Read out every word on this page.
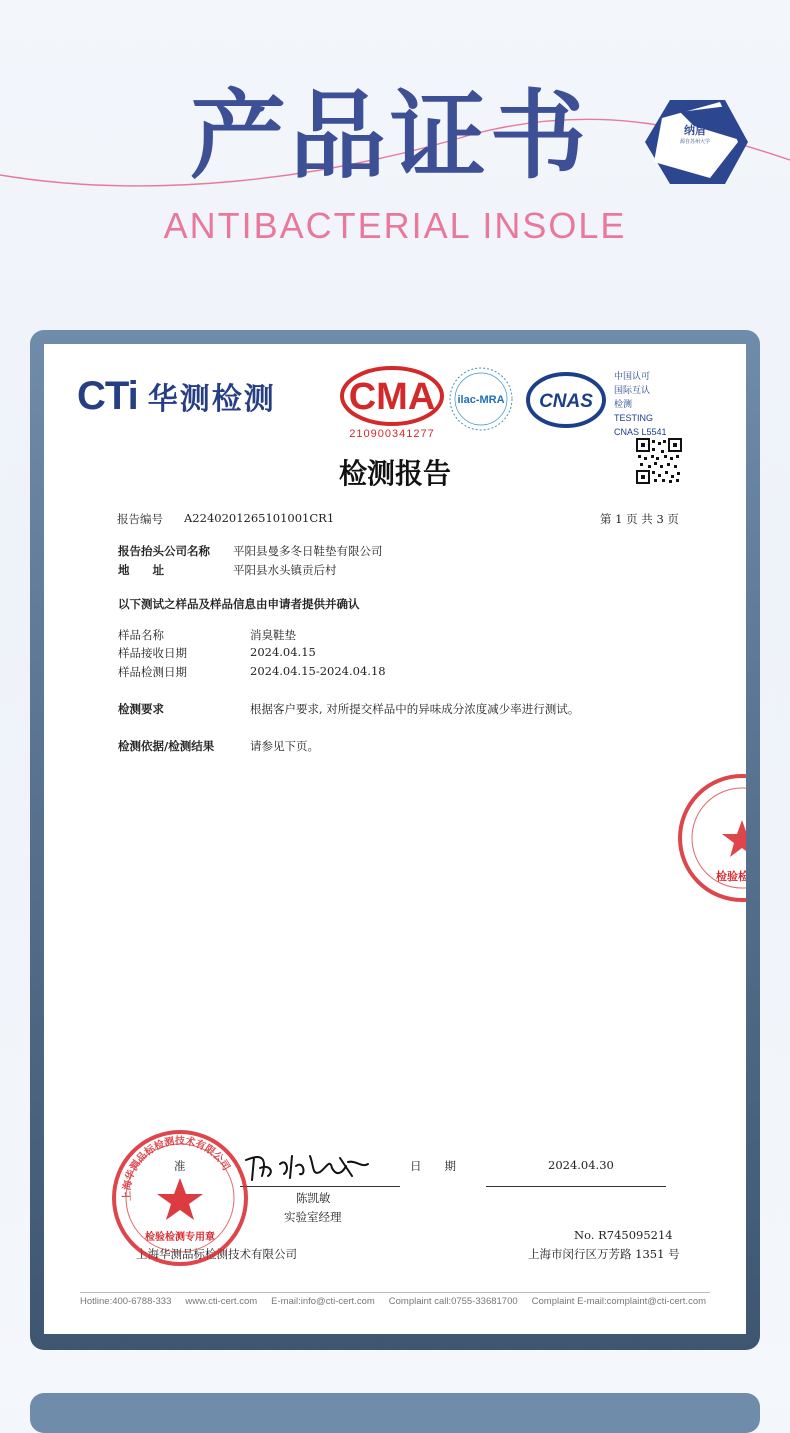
产品证书
ANTIBACTERIAL INSOLE
纳盾
源自苏州大学
CTi 华测检测 CMA
210900341277
ilac-MRA CNAS
中国认可
国际互认
检测
TESTING
CNAS L5541
检测报告
报告编号 A2240201265101001CR1	第 1 页 共 3 页
报告抬头公司名称 平阳县曼多冬日鞋垫有限公司
地　　址	平阳县水头镇贡后村
以下测试之样品及样品信息由申请者提供并确认
样品名称	消臭鞋垫
样品接收日期	2024.04.15
样品检测日期	2024.04.15-2024.04.18
检测要求	根据客户要求, 对所提交样品中的异味成分浓度减少率进行测试。
检测依据/检测结果	请参见下页。
检验检测
准	日　　期	2024.04.30
陈凯敏
实验室经理
No. R745095214
上海华测品标检测技术有限公司	上海市闵行区万芳路 1351 号
上海华测品标检测技术有限公司
检验检测专用章
Hotline:400-6788-333 www.cti-cert.com E-mail:info@cti-cert.com Complaint call:0755-33681700 Complaint E-mail:complaint@cti-cert.com
